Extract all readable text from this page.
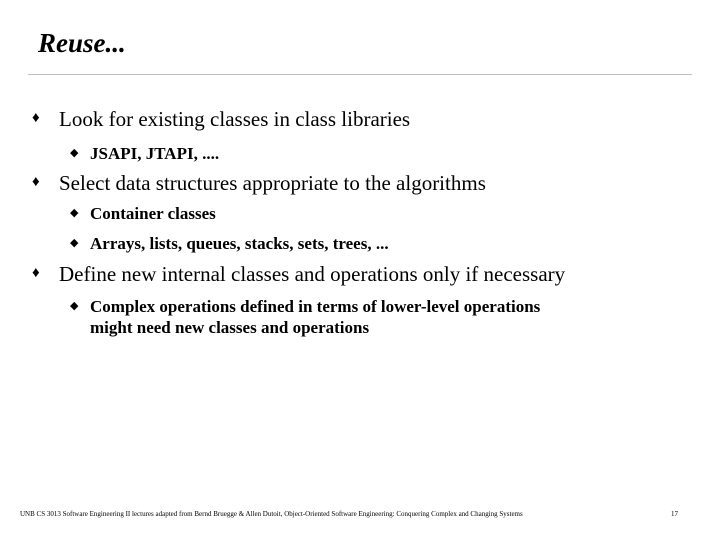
Reuse...
♦ Look for existing classes in class libraries
◆ JSAPI, JTAPI, ....
♦ Select data structures appropriate to the algorithms
◆ Container classes
◆ Arrays, lists, queues, stacks, sets, trees, ...
♦ Define new internal classes and operations only if necessary
◆ Complex operations defined in terms of lower-level operations
might need new classes and operations
UNB CS 3013 Software Engineering II lectures adapted from Bernd Bruegge & Allen Dutoit, Object-Oriented Software Engineering: Conquering Complex and Changing Systems	17
